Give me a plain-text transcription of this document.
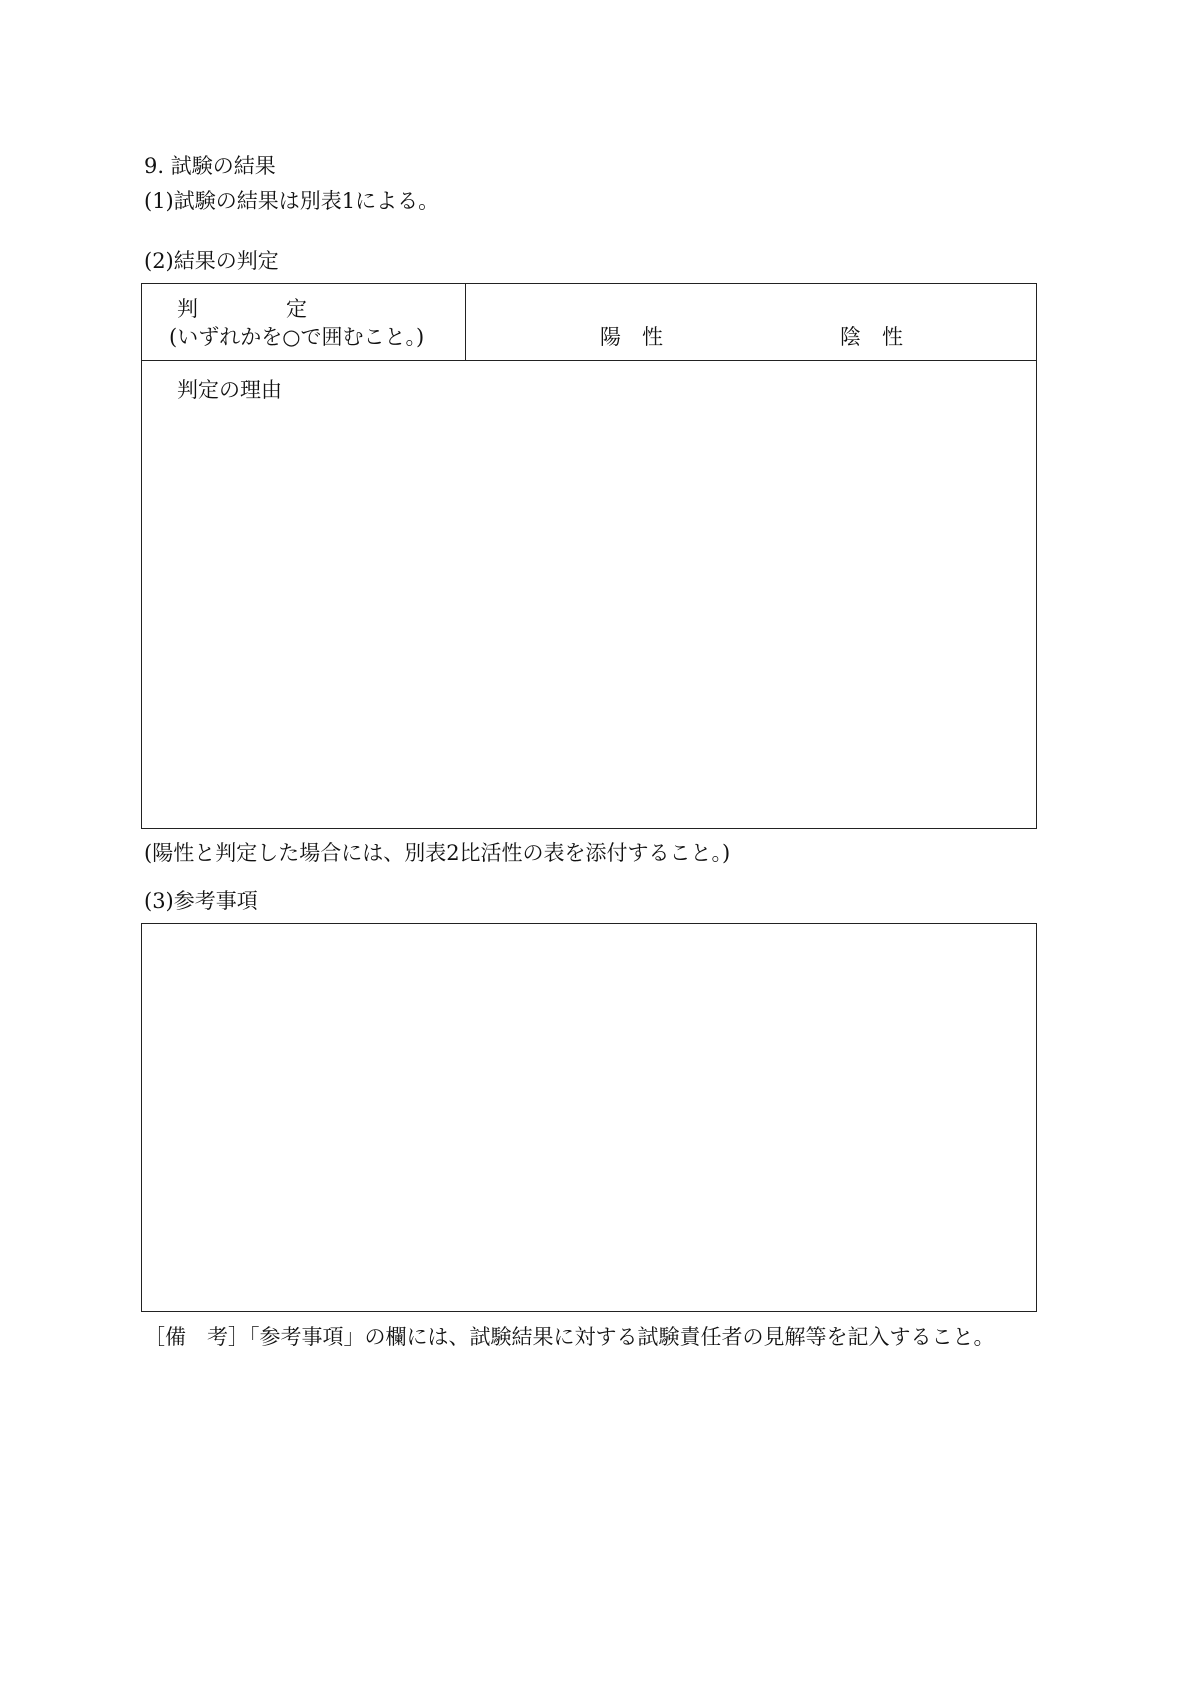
9. 試験の結果
(1)試験の結果は別表1による。
(2)結果の判定
判	定
(いずれかを○で囲むこと。)	陽　性	陰　性
判定の理由
(陽性と判定した場合には、別表2比活性の表を添付すること。)
(3)参考事項
［備　考］「参考事項」の欄には、試験結果に対する試験責任者の見解等を記入すること。
